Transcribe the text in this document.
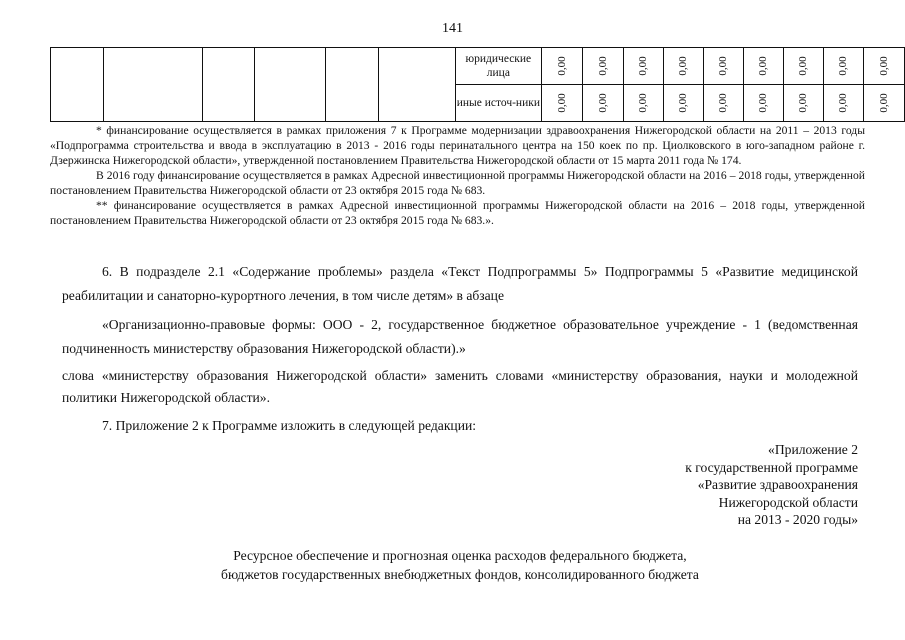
141
						юридические лица	0,00	0,00	0,00	0,00	0,00	0,00	0,00	0,00	0,00

						иные источ-ники	0,00	0,00	0,00	0,00	0,00	0,00	0,00	0,00	0,00

* финансирование осуществляется в рамках приложения 7 к Программе модернизации здравоохранения Нижегородской области на 2011 – 2013 годы «Подпрограмма строительства и ввода в эксплуатацию в 2013 - 2016 годы перинатального центра на 150 коек по пр. Циолковского в юго-западном районе г. Дзержинска Нижегородской области», утвержденной постановлением Правительства Нижегородской области от 15 марта 2011 года № 174.

В 2016 году финансирование осуществляется в рамках Адресной инвестиционной программы Нижегородской области на 2016 – 2018 годы, утвержденной постановлением Правительства Нижегородской области от 23 октября 2015 года № 683.

** финансирование осуществляется в рамках Адресной инвестиционной программы Нижегородской области на 2016 – 2018 годы, утвержденной постановлением Правительства Нижегородской области от 23 октября 2015 года № 683.».

6. В подразделе 2.1 «Содержание проблемы» раздела «Текст Подпрограммы 5» Подпрограммы 5 «Развитие медицинской реабилитации и санаторно-курортного лечения, в том числе детям» в абзаце

«Организационно-правовые формы: ООО - 2, государственное бюджетное образовательное учреждение - 1 (ведомственная подчиненность министерству образования Нижегородской области).»

слова «министерству образования Нижегородской области» заменить словами «министерству образования, науки и молодежной политики Нижегородской области».

7. Приложение 2 к Программе изложить в следующей редакции:

«Приложение 2
к государственной программе
«Развитие здравоохранения
Нижегородской области
на 2013 - 2020 годы»
Ресурсное обеспечение и прогнозная оценка расходов федерального бюджета,
бюджетов государственных внебюджетных фондов, консолидированного бюджета
